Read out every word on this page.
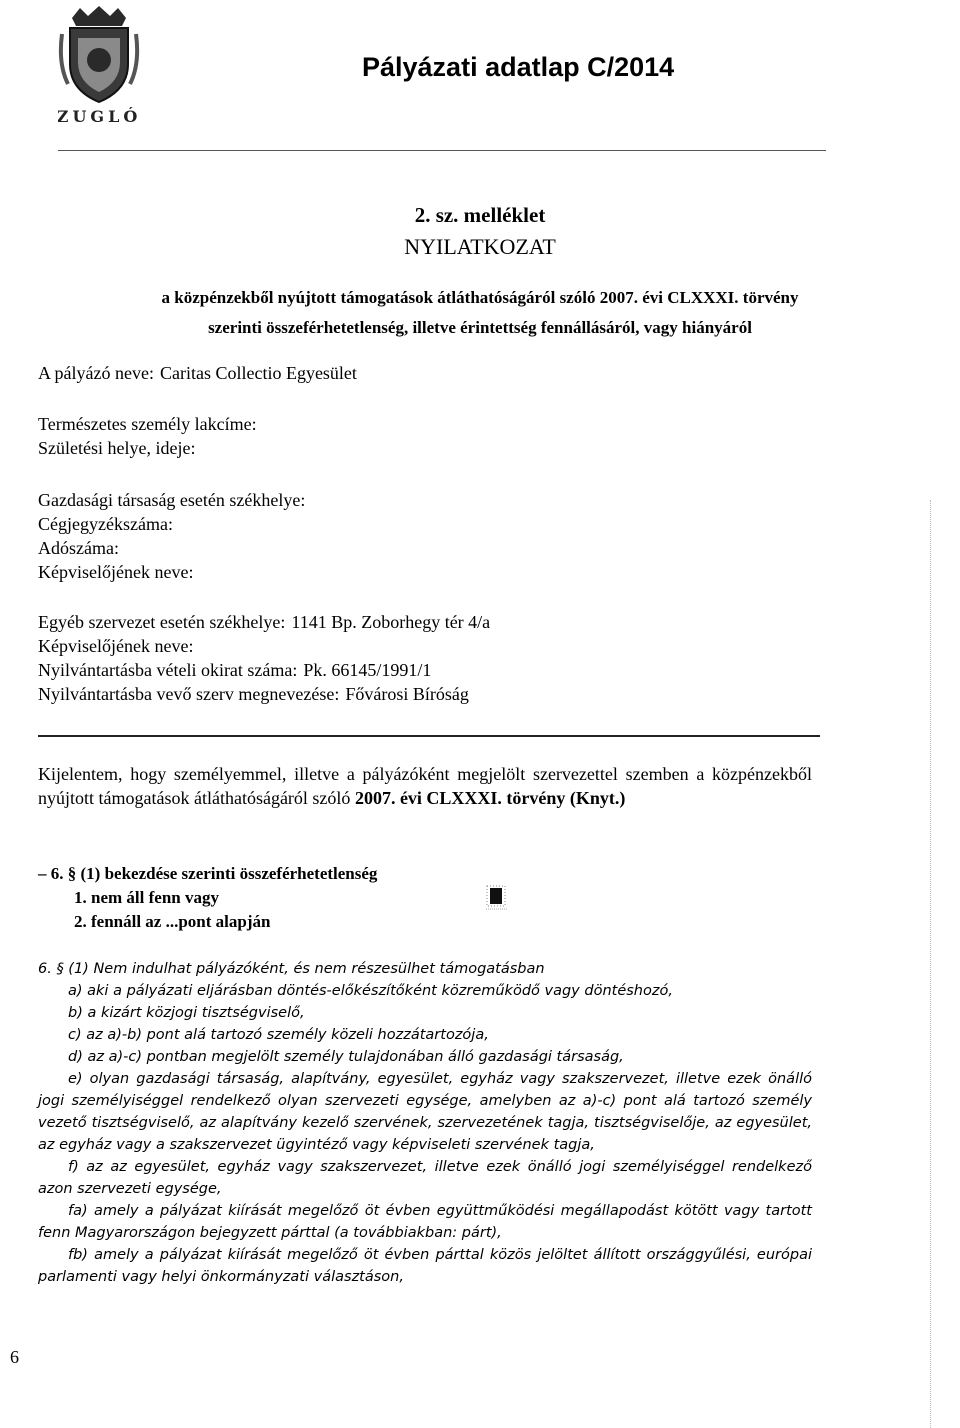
ZUGLÓ
Pályázati adatlap C/2014
2. sz. melléklet
NYILATKOZAT
a közpénzekből nyújtott támogatások átláthatóságáról szóló 2007. évi CLXXXI. törvény
szerinti összeférhetetlenség, illetve érintettség fennállásáról, vagy hiányáról
A pályázó neve: Caritas Collectio Egyesület
Természetes személy lakcíme:
Születési helye, ideje:
Gazdasági társaság esetén székhelye:
Cégjegyzékszáma:
Adószáma:
Képviselőjének neve:
Egyéb szervezet esetén székhelye: 1141 Bp. Zoborhegy tér 4/a
Képviselőjének neve:
Nyilvántartásba vételi okirat száma: Pk. 66145/1991/1
Nyilvántartásba vevő szerv megnevezése: Fővárosi Bíróság
Kijelentem, hogy személyemmel, illetve a pályázóként megjelölt szervezettel szemben a közpénzekből nyújtott támogatások átláthatóságáról szóló 2007. évi CLXXXI. törvény (Knyt.)
– 6. § (1) bekezdése szerinti összeférhetetlenség
1. nem áll fenn vagy
2. fennáll az ...pont alapján

6. § (1) Nem indulhat pályázóként, és nem részesülhet támogatásban

a) aki a pályázati eljárásban döntés-előkészítőként közreműködő vagy döntéshozó,

b) a kizárt közjogi tisztségviselő,

c) az a)-b) pont alá tartozó személy közeli hozzátartozója,

d) az a)-c) pontban megjelölt személy tulajdonában álló gazdasági társaság,

e) olyan gazdasági társaság, alapítvány, egyesület, egyház vagy szakszervezet, illetve ezek önálló jogi személyiséggel rendelkező olyan szervezeti egysége, amelyben az a)-c) pont alá tartozó személy vezető tisztségviselő, az alapítvány kezelő szervének, szervezetének tagja, tisztségviselője, az egyesület, az egyház vagy a szakszervezet ügyintéző vagy képviseleti szervének tagja,

f) az az egyesület, egyház vagy szakszervezet, illetve ezek önálló jogi személyiséggel rendelkező azon szervezeti egysége,

fa) amely a pályázat kiírását megelőző öt évben együttműködési megállapodást kötött vagy tartott fenn Magyarországon bejegyzett párttal (a továbbiakban: párt),

fb) amely a pályázat kiírását megelőző öt évben párttal közös jelöltet állított országgyűlési, európai parlamenti vagy helyi önkormányzati választáson,

6
